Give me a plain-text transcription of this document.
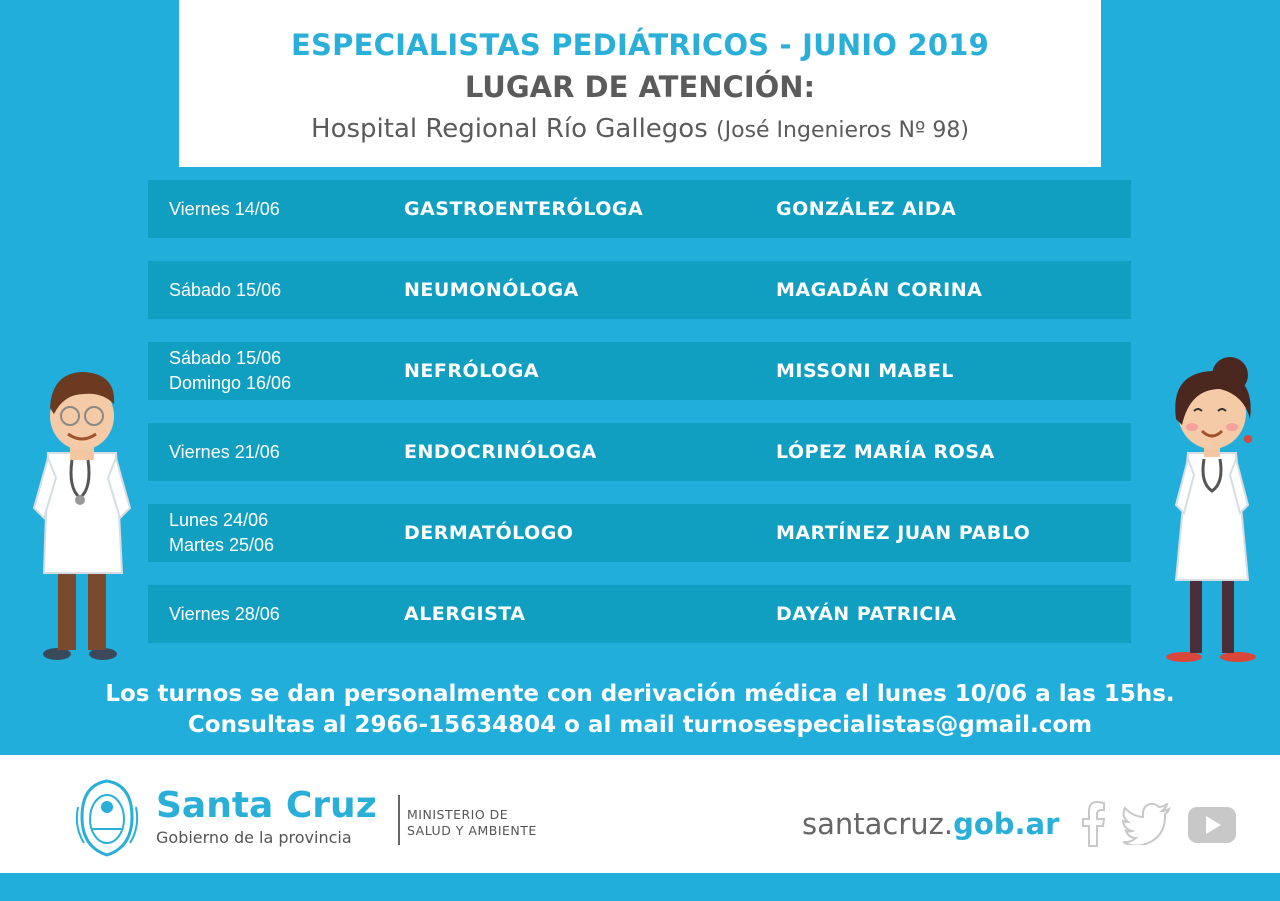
ESPECIALISTAS PEDIÁTRICOS - JUNIO 2019
LUGAR DE ATENCIÓN:
Hospital Regional Río Gallegos (José Ingenieros Nº 98)
Viernes 14/06	GASTROENTERÓLOGA	GONZÁLEZ AIDA
Sábado 15/06	NEUMONÓLOGA	MAGADÁN CORINA
Sábado 15/06
Domingo 16/06
NEFRÓLOGA	MISSONI MABEL
Viernes 21/06	ENDOCRINÓLOGA	LÓPEZ MARÍA ROSA
Lunes 24/06
Martes 25/06
DERMATÓLOGO	MARTÍNEZ JUAN PABLO
Viernes 28/06	ALERGISTA	DAYÁN PATRICIA
Los turnos se dan personalmente con derivación médica el lunes 10/06 a las 15hs.
Consultas al 2966-15634804 o al mail turnosespecialistas@gmail.com
Santa Cruz
Gobierno de la provincia
MINISTERIO DE
SALUD Y AMBIENTE	santacruz.gob.ar
